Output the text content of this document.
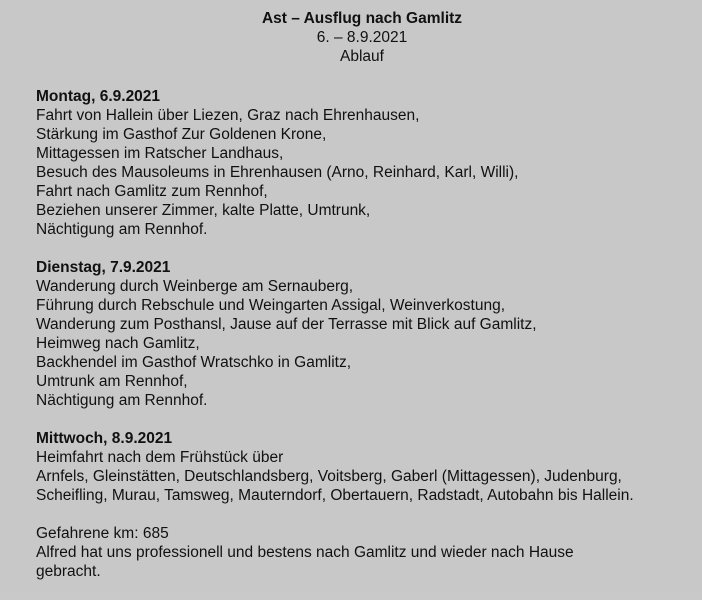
Ast – Ausflug nach Gamlitz
6. – 8.9.2021
Ablauf
Montag, 6.9.2021
Fahrt von Hallein über Liezen, Graz nach Ehrenhausen,
Stärkung im Gasthof Zur Goldenen Krone,
Mittagessen im Ratscher Landhaus,
Besuch des Mausoleums in Ehrenhausen (Arno, Reinhard, Karl, Willi),
Fahrt nach Gamlitz zum Rennhof,
Beziehen unserer Zimmer, kalte Platte, Umtrunk,
Nächtigung am Rennhof.
Dienstag, 7.9.2021
Wanderung durch Weinberge am Sernauberg,
Führung durch Rebschule und Weingarten Assigal, Weinverkostung,
Wanderung zum Posthansl, Jause auf der Terrasse mit Blick auf Gamlitz,
Heimweg nach Gamlitz,
Backhendel im Gasthof Wratschko in Gamlitz,
Umtrunk am Rennhof,
Nächtigung am Rennhof.
Mittwoch, 8.9.2021
Heimfahrt nach dem Frühstück über
Arnfels, Gleinstätten, Deutschlandsberg, Voitsberg, Gaberl (Mittagessen), Judenburg,
Scheifling, Murau, Tamsweg, Mauterndorf, Obertauern, Radstadt, Autobahn bis Hallein.
Gefahrene km: 685
Alfred hat uns professionell und bestens nach Gamlitz und wieder nach Hause
gebracht.
